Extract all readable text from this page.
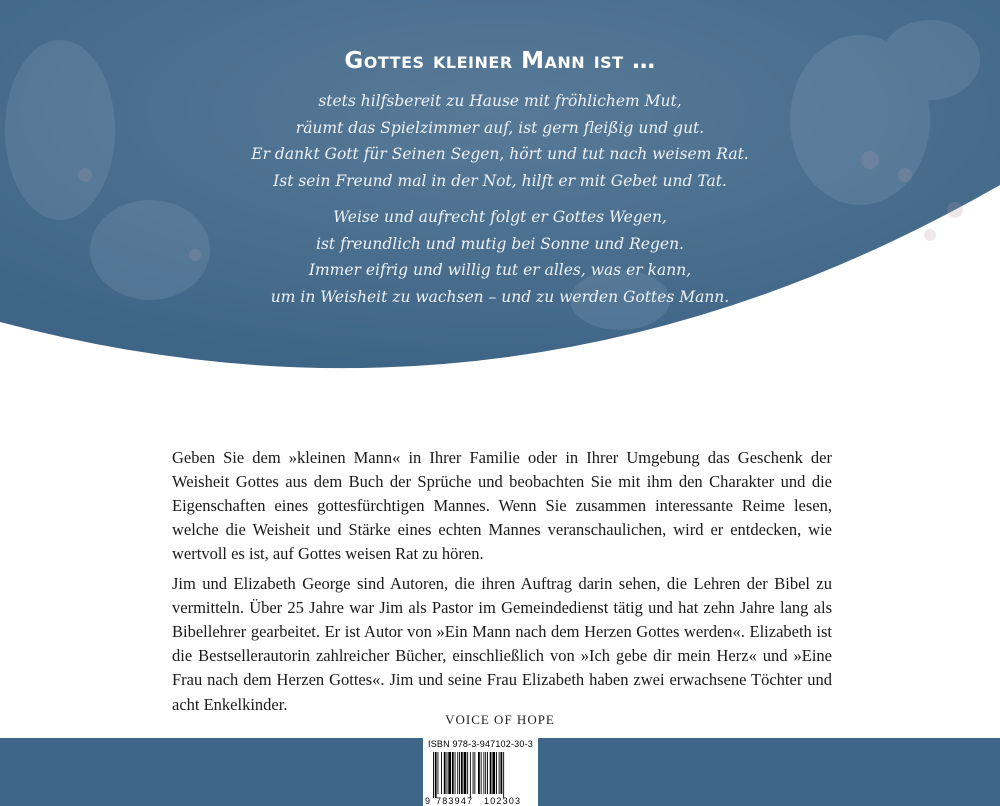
Gottes kleiner Mann ist …
stets hilfsbereit zu Hause mit fröhlichem Mut,
räumt das Spielzimmer auf, ist gern fleißig und gut.
Er dankt Gott für Seinen Segen, hört und tut nach weisem Rat.
Ist sein Freund mal in der Not, hilft er mit Gebet und Tat.
Weise und aufrecht folgt er Gottes Wegen,
ist freundlich und mutig bei Sonne und Regen.
Immer eifrig und willig tut er alles, was er kann,
um in Weisheit zu wachsen – und zu werden Gottes Mann.

Geben Sie dem »kleinen Mann« in Ihrer Familie oder in Ihrer Umgebung das Geschenk der Weisheit Gottes aus dem Buch der Sprüche und beobachten Sie mit ihm den Charakter und die Eigenschaften eines gottesfürchtigen Mannes. Wenn Sie zusammen interessante Reime lesen, welche die Weisheit und Stärke eines echten Mannes veranschaulichen, wird er entdecken, wie wertvoll es ist, auf Gottes weisen Rat zu hören.

Jim und Elizabeth George sind Autoren, die ihren Auftrag darin sehen, die Lehren der Bibel zu vermitteln. Über 25 Jahre war Jim als Pastor im Gemeindedienst tätig und hat zehn Jahre lang als Bibellehrer gearbeitet. Er ist Autor von »Ein Mann nach dem Herzen Gottes werden«. Elizabeth ist die Bestsellerautorin zahlreicher Bücher, einschließlich von »Ich gebe dir mein Herz« und »Eine Frau nach dem Herzen Gottes«. Jim und seine Frau Elizabeth haben zwei erwachsene Töchter und acht Enkelkinder.

VOICE OF HOPE
ISBN 978-3-947102-30-3
9 783947 102303
